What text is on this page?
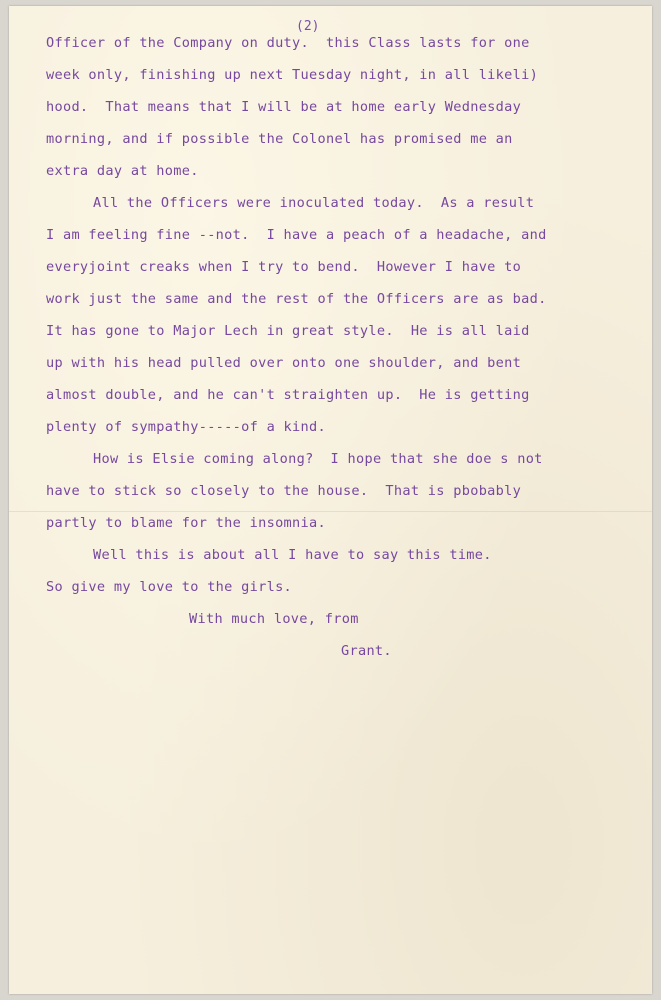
(2)
Officer of the Company on duty.  this Class lasts for one
week only, finishing up next Tuesday night, in all likeli)
hood.  That means that I will be at home early Wednesday
morning, and if possible the Colonel has promised me an
extra day at home.
All the Officers were inoculated today.  As a result
I am feeling fine --not.  I have a peach of a headache, and
everyjoint creaks when I try to bend.  However I have to
work just the same and the rest of the Officers are as bad.
It has gone to Major Lech in great style.  He is all laid
up with his head pulled over onto one shoulder, and bent
almost double, and he can't straighten up.  He is getting
plenty of sympathy-----of a kind.
How is Elsie coming along?  I hope that she doe s not
have to stick so closely to the house.  That is pbobably
partly to blame for the insomnia.
Well this is about all I have to say this time.
So give my love to the girls.
With much love, from
Grant.
